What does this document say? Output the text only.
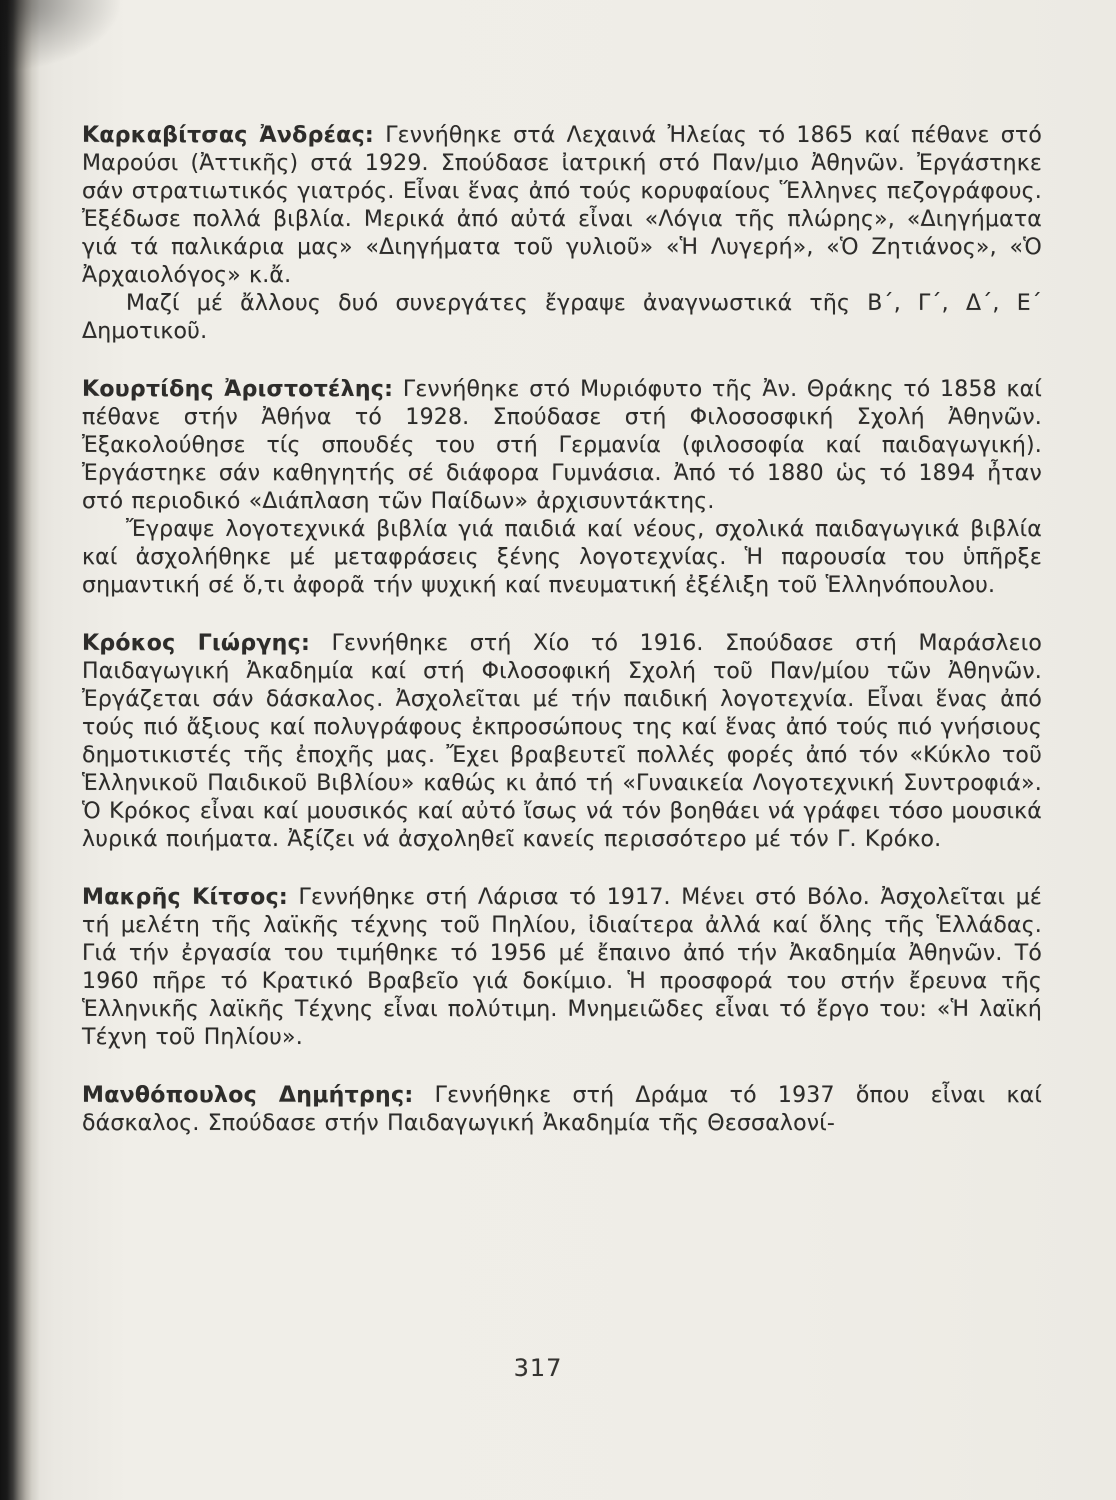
Καρκαβίτσας Ἀνδρέας: Γεννήθηκε στά Λεχαινά Ἠλείας τό 1865 καί πέθανε στό Μαρούσι (Ἀττικῆς) στά 1929. Σπούδασε ἰατρική στό Παν/μιο Ἀθηνῶν. Ἐργάστηκε σάν στρατιωτικός γιατρός. Εἶναι ἕνας ἀπό τούς κορυφαίους Ἕλληνες πεζογράφους. Ἐξέδωσε πολλά βιβλία. Μερικά ἀπό αὐτά εἶναι «Λόγια τῆς πλώρης», «Διηγήματα γιά τά παλικάρια μας» «Διηγήματα τοῦ γυλιοῦ» «Ἡ Λυγερή», «Ὁ Ζητιάνος», «Ὁ Ἀρχαιολόγος» κ.ἄ.

Μαζί μέ ἄλλους δυό συνεργάτες ἔγραψε ἀναγνωστικά τῆς Β΄, Γ΄, Δ΄, Ε΄ Δημοτικοῦ.

Κουρτίδης Ἀριστοτέλης: Γεννήθηκε στό Μυριόφυτο τῆς Ἀν. Θράκης τό 1858 καί πέθανε στήν Ἀθήνα τό 1928. Σπούδασε στή Φιλοσοσφική Σχολή Ἀθηνῶν. Ἐξακολούθησε τίς σπουδές του στή Γερμανία (φιλοσοφία καί παιδαγωγική). Ἐργάστηκε σάν καθηγητής σέ διάφορα Γυμνάσια. Ἀπό τό 1880 ὡς τό 1894 ἦταν στό περιοδικό «Διάπλαση τῶν Παίδων» ἀρχισυντάκτης.

Ἔγραψε λογοτεχνικά βιβλία γιά παιδιά καί νέους, σχολικά παιδαγωγικά βιβλία καί ἀσχολήθηκε μέ μεταφράσεις ξένης λογοτεχνίας. Ἡ παρουσία του ὑπῆρξε σημαντική σέ ὅ,τι ἀφορᾶ τήν ψυχική καί πνευματική ἐξέλιξη τοῦ Ἑλληνόπουλου.

Κρόκος Γιώργης: Γεννήθηκε στή Χίο τό 1916. Σπούδασε στή Μαράσλειο Παιδαγωγική Ἀκαδημία καί στή Φιλοσοφική Σχολή τοῦ Παν/μίου τῶν Ἀθηνῶν. Ἐργάζεται σάν δάσκαλος. Ἀσχολεῖται μέ τήν παιδική λογοτεχνία. Εἶναι ἕνας ἀπό τούς πιό ἄξιους καί πολυγράφους ἐκπροσώπους της καί ἕνας ἀπό τούς πιό γνήσιους δημοτικιστές τῆς ἐποχῆς μας. Ἔχει βραβευτεῖ πολλές φορές ἀπό τόν «Κύκλο τοῦ Ἑλληνικοῦ Παιδικοῦ Βιβλίου» καθώς κι ἀπό τή «Γυναικεία Λογοτεχνική Συντροφιά». Ὁ Κρόκος εἶναι καί μουσικός καί αὐτό ἴσως νά τόν βοηθάει νά γράφει τόσο μουσικά λυρικά ποιήματα. Ἀξίζει νά ἀσχοληθεῖ κανείς περισσότερο μέ τόν Γ. Κρόκο.

Μακρῆς Κίτσος: Γεννήθηκε στή Λάρισα τό 1917. Μένει στό Βόλο. Ἀσχολεῖται μέ τή μελέτη τῆς λαϊκῆς τέχνης τοῦ Πηλίου, ἰδιαίτερα ἀλλά καί ὅλης τῆς Ἑλλάδας. Γιά τήν ἐργασία του τιμήθηκε τό 1956 μέ ἔπαινο ἀπό τήν Ἀκαδημία Ἀθηνῶν. Τό 1960 πῆρε τό Κρατικό Βραβεῖο γιά δοκίμιο. Ἡ προσφορά του στήν ἔρευνα τῆς Ἑλληνικῆς λαϊκῆς Τέχνης εἶναι πολύτιμη. Μνημειῶδες εἶναι τό ἔργο του: «Ἡ λαϊκή Τέχνη τοῦ Πηλίου».

Μανθόπουλος Δημήτρης: Γεννήθηκε στή Δράμα τό 1937 ὅπου εἶναι καί δάσκαλος. Σπούδασε στήν Παιδαγωγική Ἀκαδημία τῆς Θεσσαλονί-

317
